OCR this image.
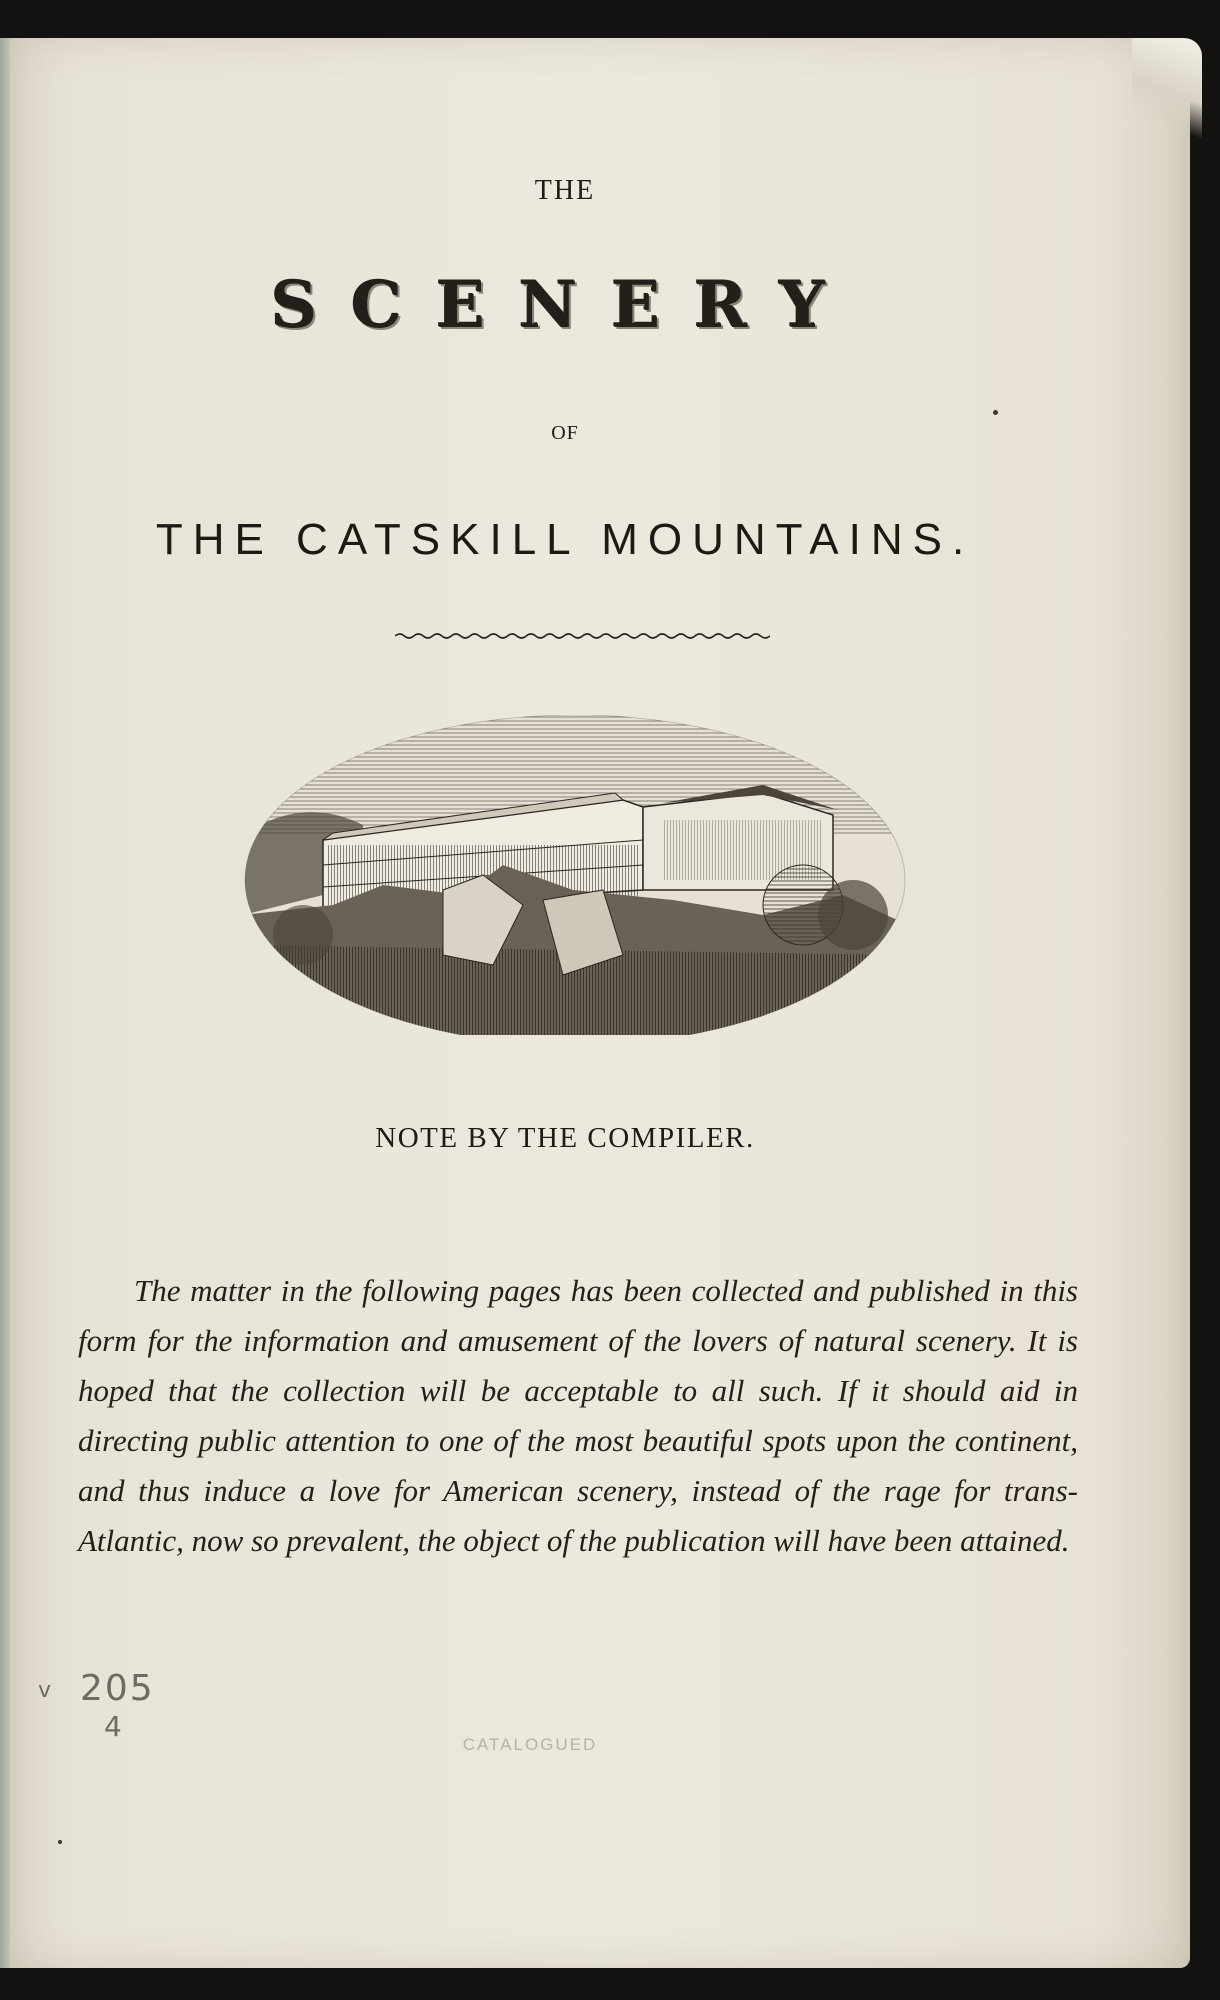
THE
SCENERY
OF
THE CATSKILL MOUNTAINS.
NOTE BY THE COMPILER.

The matter in the following pages has been collected and published in this form for the information and amusement of the lovers of natural scenery. It is hoped that the collection will be acceptable to all such. If it should aid in directing public attention to one of the most beautiful spots upon the continent, and thus induce a love for American scenery, instead of the rage for trans-Atlantic, now so prevalent, the object of the publication will have been attained.

v 205
4
CATALOGUED
